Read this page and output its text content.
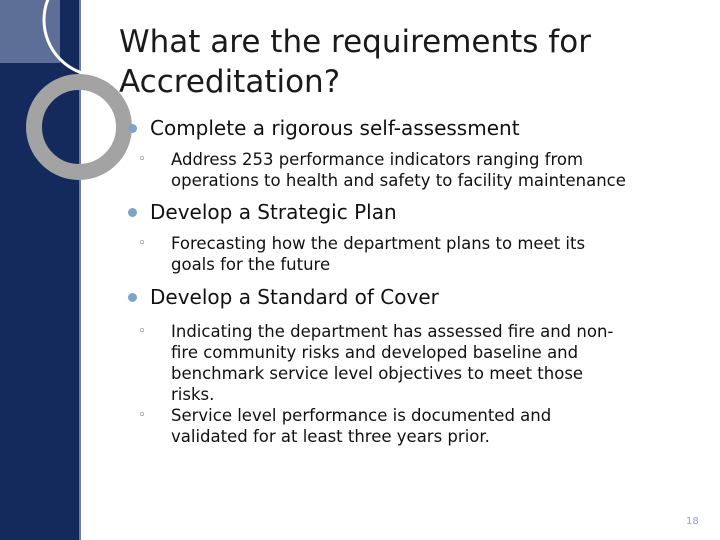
What are the requirements for
Accreditation?
Complete a rigorous self-assessment
◦ Address 253 performance indicators ranging from
operations to health and safety to facility maintenance
Develop a Strategic Plan
◦ Forecasting how the department plans to meet its
goals for the future
Develop a Standard of Cover
◦ Indicating the department has assessed fire and non-
fire community risks and developed baseline and
benchmark service level objectives to meet those
risks.
◦ Service level performance is documented and
validated for at least three years prior.
18
